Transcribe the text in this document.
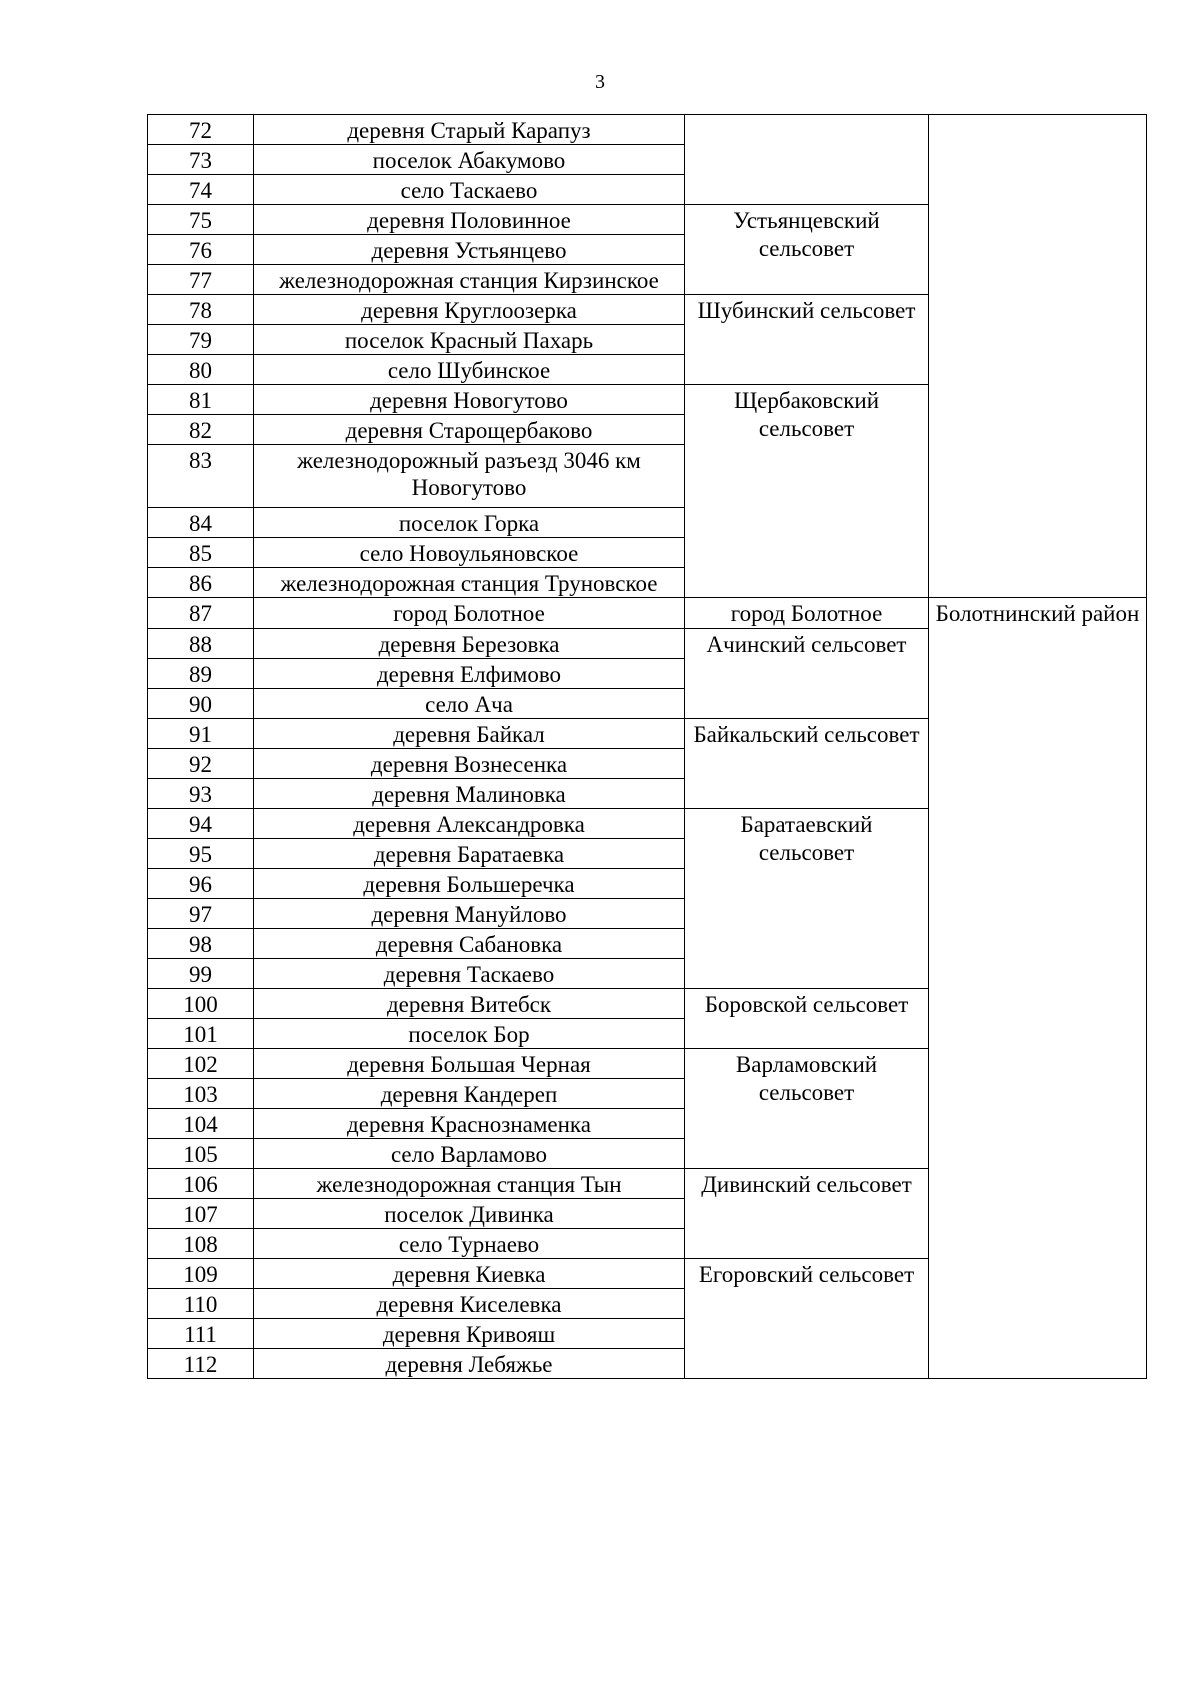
3
72	деревня Старый Карапуз		
73	поселок Абакумово		
74	село Таскаево		
75	деревня Половинное	Устьянцевский сельсовет	
76	деревня Устьянцево		
77	железнодорожная станция Кирзинское		
78	деревня Круглоозерка	Шубинский сельсовет	
79	поселок Красный Пахарь		
80	село Шубинское		
81	деревня Новогутово	Щербаковский сельсовет	
82	деревня Старощербаково		
83	железнодорожный разъезд 3046 км Новогутово		
84	поселок Горка		
85	село Новоульяновское		
86	железнодорожная станция Труновское		
87	город Болотное	город Болотное	Болотнинский район
88	деревня Березовка	Ачинский сельсовет	
89	деревня Елфимово		
90	село Ача		
91	деревня Байкал	Байкальский сельсовет	
92	деревня Вознесенка		
93	деревня Малиновка		
94	деревня Александровка	Баратаевский сельсовет	
95	деревня Баратаевка		
96	деревня Большеречка		
97	деревня Мануйлово		
98	деревня Сабановка		
99	деревня Таскаево		
100	деревня Витебск	Боровской сельсовет	
101	поселок Бор		
102	деревня Большая Черная	Варламовский сельсовет	
103	деревня Кандереп		
104	деревня Краснознаменка		
105	село Варламово		
106	железнодорожная станция Тын	Дивинский сельсовет	
107	поселок Дивинка		
108	село Турнаево		
109	деревня Киевка	Егоровский сельсовет	
110	деревня Киселевка		
111	деревня Кривояш		
112	деревня Лебяжье		
